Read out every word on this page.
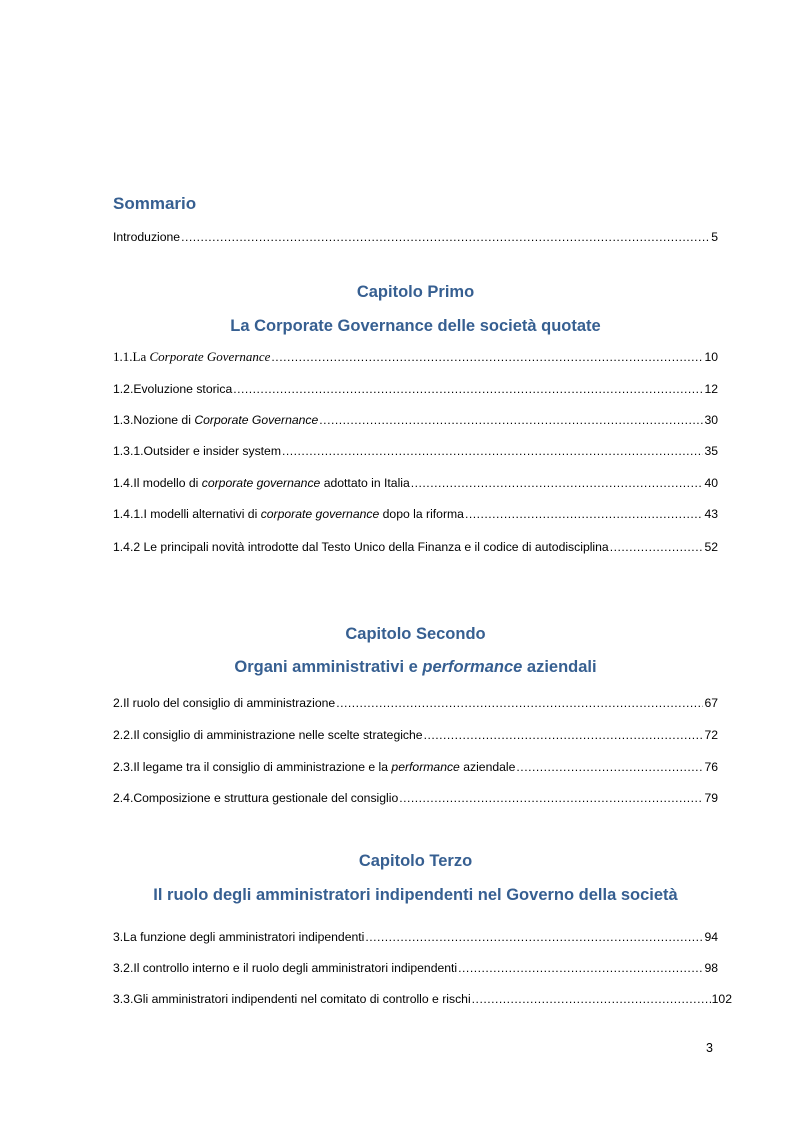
Sommario
Introduzione .....	5
Capitolo Primo
La Corporate Governance delle società quotate
1.1.La Corporate Governance .....	10
1.2.Evoluzione storica .....	12
1.3.Nozione di Corporate Governance .....	30
1.3.1.Outsider e insider system .....	35
1.4.Il modello di corporate governance adottato in Italia .....	40
1.4.1.I modelli alternativi di corporate governance dopo la riforma .....	43
1.4.2 Le principali novità introdotte dal Testo Unico della Finanza e il codice di autodisciplina .....	52
Capitolo Secondo
Organi amministrativi e performance aziendali
2.Il ruolo del consiglio di amministrazione .....	67
2.2.Il consiglio di amministrazione nelle scelte strategiche .....	72
2.3.Il legame tra il consiglio di amministrazione e la performance aziendale .....	76
2.4.Composizione e struttura gestionale del consiglio .....	79
Capitolo Terzo
Il ruolo degli amministratori indipendenti nel Governo della società
3.La funzione degli amministratori indipendenti .....	94
3.2.Il controllo interno e il ruolo degli amministratori indipendenti .....	98
3.3.Gli amministratori indipendenti nel comitato di controllo e rischi .....	102
3
